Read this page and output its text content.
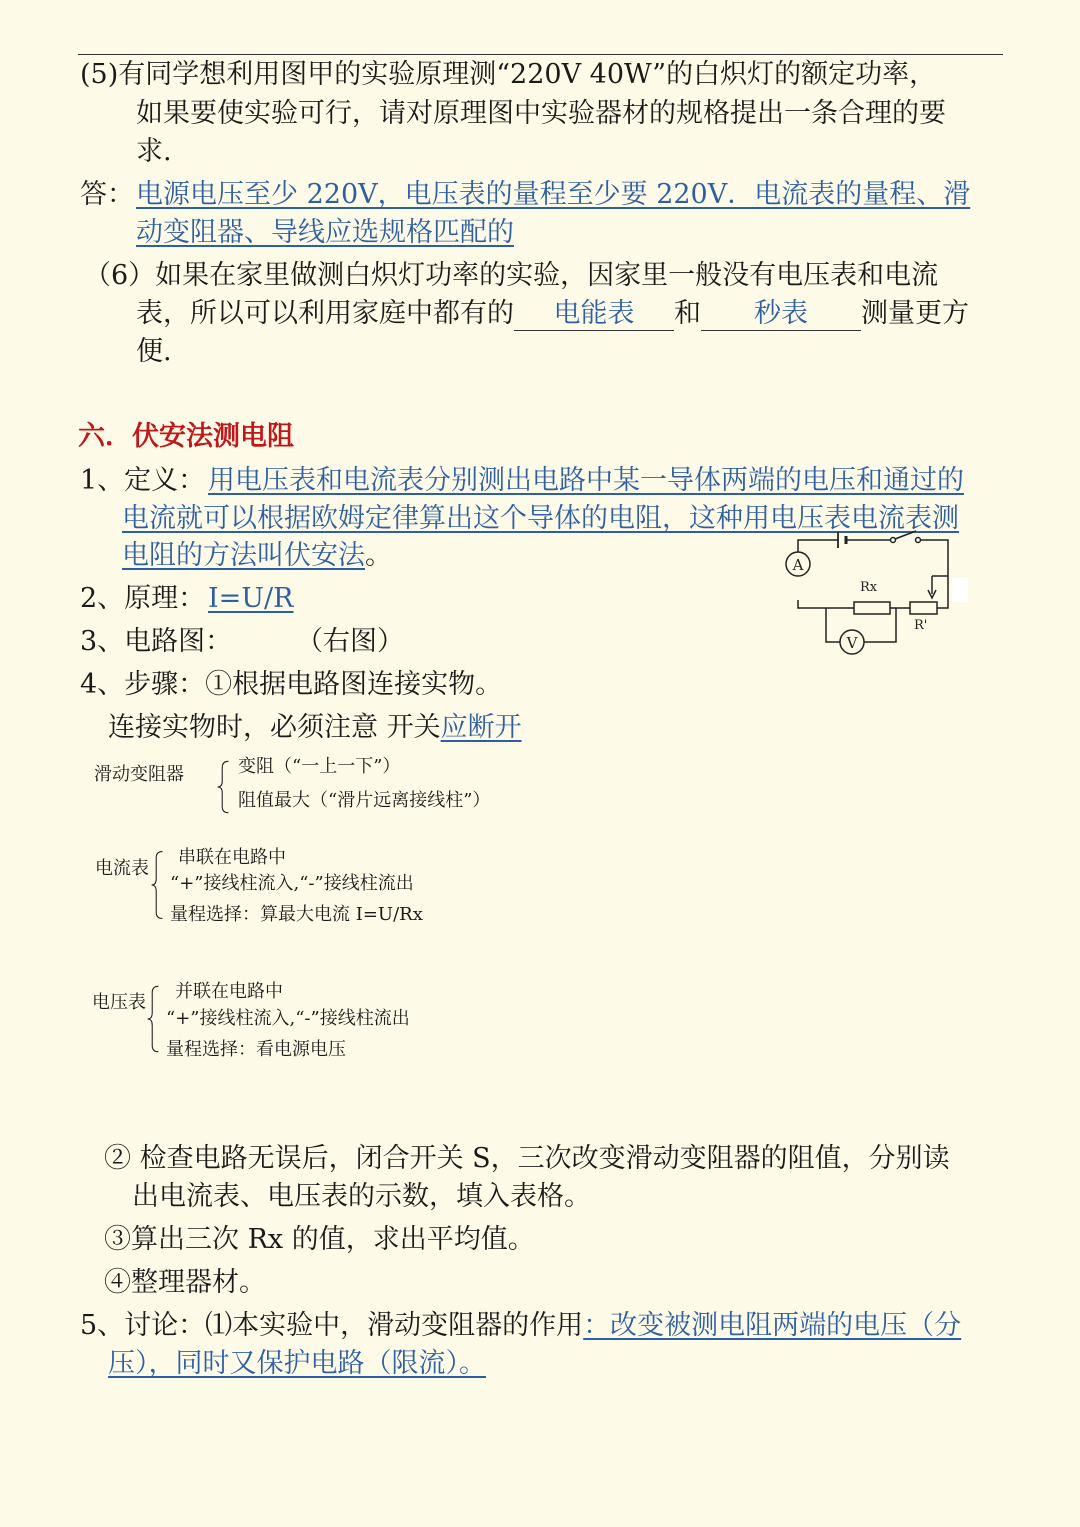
(5)有同学想利用图甲的实验原理测“220V 40W”的白炽灯的额定功率，
如果要使实验可行，请对原理图中实验器材的规格提出一条合理的要
求.
答： 电源电压至少 220V，电压表的量程至少要 220V．电流表的量程、滑
动变阻器、导线应选规格匹配的
（6）如果在家里做测白炽灯功率的实验，因家里一般没有电压表和电流
表，所以可以利用家庭中都有的 电能表 和 秒表 测量更方
便.
六．伏安法测电阻
1、定义： 用电压表和电流表分别测出电路中某一导体两端的电压和通过的
电流就可以根据欧姆定律算出这个导体的电阻，这种用电压表电流表测
电阻的方法叫伏安法。
2、原理： I=U/R
3、电路图： （右图）
4、步骤：①根据电路图连接实物。
连接实物时，必须注意 开关应断开
A
V
Rx
R'
滑动变阻器	变阻（“一上一下”）
阻值最大（“滑片远离接线柱”）
电流表
串联在电路中
“+”接线柱流入,“-”接线柱流出
量程选择：算最大电流 I=U/Rx
电压表
并联在电路中
“+”接线柱流入,“-”接线柱流出
量程选择：看电源电压
② 检查电路无误后，闭合开关 S，三次改变滑动变阻器的阻值，分别读
出电流表、电压表的示数，填入表格。
③算出三次 Rx 的值，求出平均值。
④整理器材。
5、讨论：⑴本实验中，滑动变阻器的作用：改变被测电阻两端的电压（分
压），同时又保护电路（限流）。
